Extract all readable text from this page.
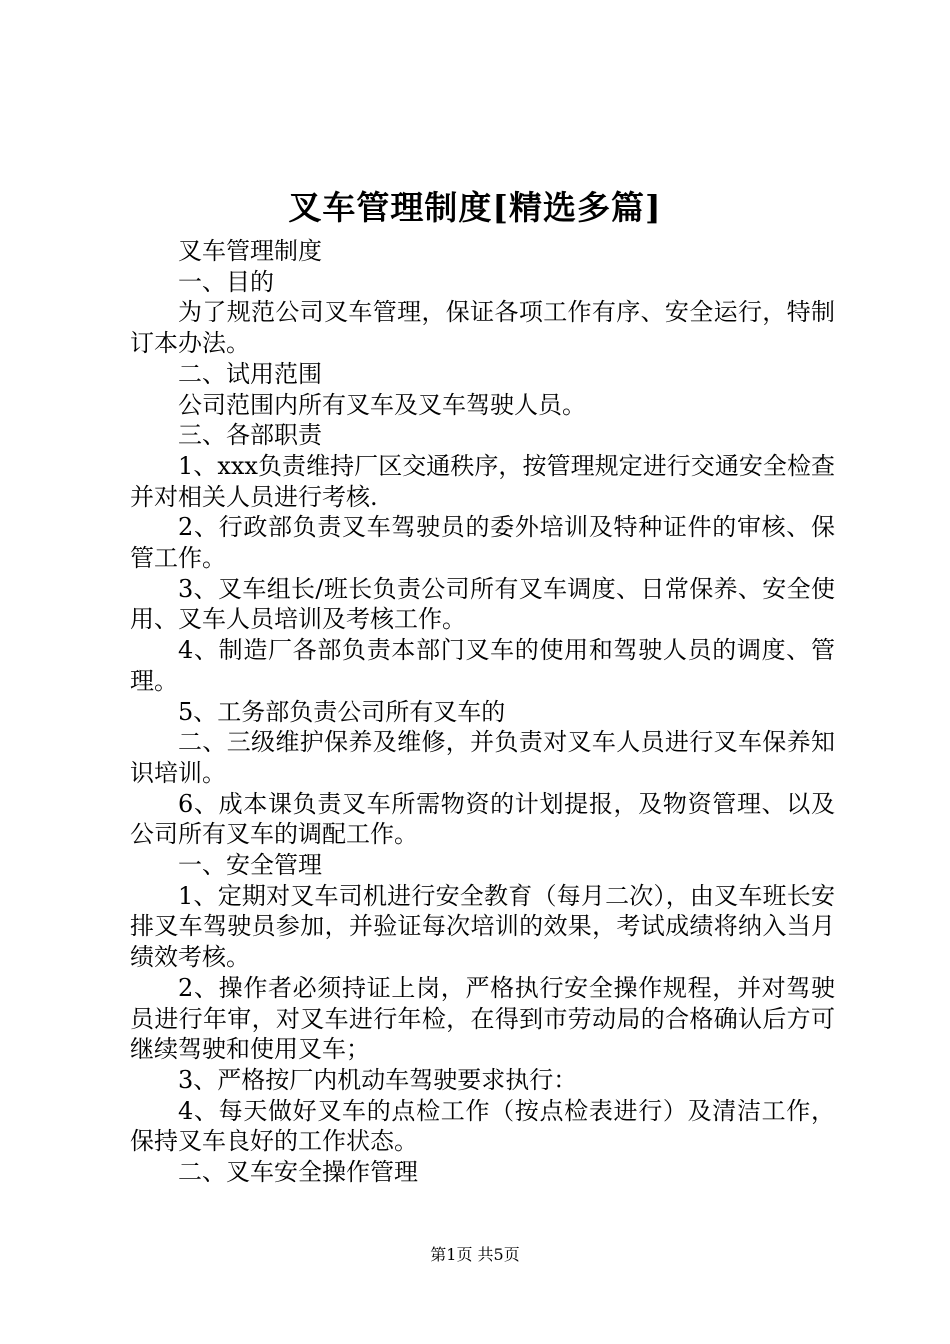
叉车管理制度[精选多篇]

叉车管理制度

一、目的

为了规范公司叉车管理，保证各项工作有序、安全运行，特制订本办法。

二、试用范围

公司范围内所有叉车及叉车驾驶人员。

三、各部职责

1、xxx负责维持厂区交通秩序，按管理规定进行交通安全检查并对相关人员进行考核.

2、行政部负责叉车驾驶员的委外培训及特种证件的审核、保管工作。

3、叉车组长/班长负责公司所有叉车调度、日常保养、安全使用、叉车人员培训及考核工作。

4、制造厂各部负责本部门叉车的使用和驾驶人员的调度、管理。

5、工务部负责公司所有叉车的

二、三级维护保养及维修，并负责对叉车人员进行叉车保养知识培训。

6、成本课负责叉车所需物资的计划提报，及物资管理、以及公司所有叉车的调配工作。

一、安全管理

1、定期对叉车司机进行安全教育（每月二次），由叉车班长安排叉车驾驶员参加，并验证每次培训的效果，考试成绩将纳入当月绩效考核。

2、操作者必须持证上岗，严格执行安全操作规程，并对驾驶员进行年审，对叉车进行年检，在得到市劳动局的合格确认后方可继续驾驶和使用叉车；

3、严格按厂内机动车驾驶要求执行：

4、每天做好叉车的点检工作（按点检表进行）及清洁工作，保持叉车良好的工作状态。

二、叉车安全操作管理

第1页 共5页
